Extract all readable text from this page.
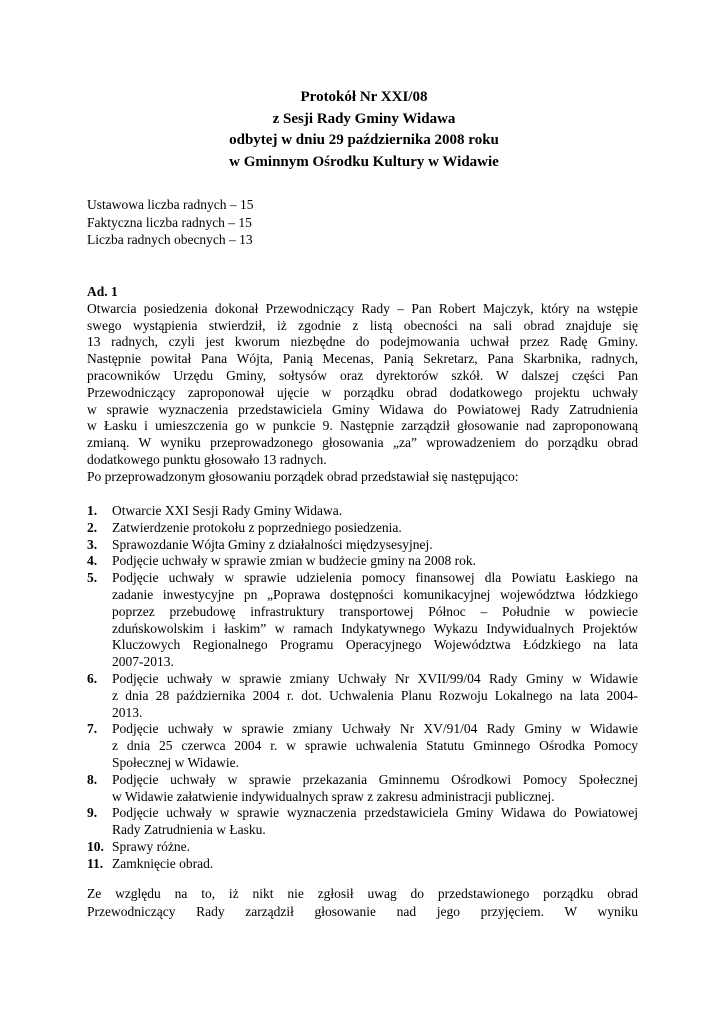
Protokół Nr XXI/08
z Sesji Rady Gminy Widawa
odbytej w dniu 29 października 2008 roku
w Gminnym Ośrodku Kultury w Widawie
Ustawowa liczba radnych – 15
Faktyczna liczba radnych – 15
Liczba radnych obecnych – 13
Ad. 1
Otwarcia posiedzenia dokonał Przewodniczący Rady – Pan Robert Majczyk, który na wstępie
swego wystąpienia stwierdził, iż zgodnie z listą obecności na sali obrad znajduje się
13 radnych, czyli jest kworum niezbędne do podejmowania uchwał przez Radę Gminy.
Następnie powitał Pana Wójta, Panią Mecenas, Panią Sekretarz, Pana Skarbnika, radnych,
pracowników Urzędu Gminy, sołtysów oraz dyrektorów szkół. W dalszej części Pan
Przewodniczący zaproponował ujęcie w porządku obrad dodatkowego projektu uchwały
w sprawie wyznaczenia przedstawiciela Gminy Widawa do Powiatowej Rady Zatrudnienia
w Łasku i umieszczenia go w punkcie 9. Następnie zarządził głosowanie nad zaproponowaną
zmianą. W wyniku przeprowadzonego głosowania „za” wprowadzeniem do porządku obrad
dodatkowego punktu głosowało 13 radnych.
Po przeprowadzonym głosowaniu porządek obrad przedstawiał się następująco:
1. Otwarcie XXI Sesji Rady Gminy Widawa.
2. Zatwierdzenie protokołu z poprzedniego posiedzenia.
3. Sprawozdanie Wójta Gminy z działalności międzysesyjnej.
4. Podjęcie uchwały w sprawie zmian w budżecie gminy na 2008 rok.
5. Podjęcie uchwały w sprawie udzielenia pomocy finansowej dla Powiatu Łaskiego na
zadanie inwestycyjne pn „Poprawa dostępności komunikacyjnej województwa łódzkiego
poprzez przebudowę infrastruktury transportowej Północ – Południe w powiecie
zduńskowolskim i łaskim” w ramach Indykatywnego Wykazu Indywidualnych Projektów
Kluczowych Regionalnego Programu Operacyjnego Województwa Łódzkiego na lata
2007-2013.
6. Podjęcie uchwały w sprawie zmiany Uchwały Nr XVII/99/04 Rady Gminy w Widawie
z dnia 28 października 2004 r. dot. Uchwalenia Planu Rozwoju Lokalnego na lata 2004-
2013.
7. Podjęcie uchwały w sprawie zmiany Uchwały Nr XV/91/04 Rady Gminy w Widawie
z dnia 25 czerwca 2004 r. w sprawie uchwalenia Statutu Gminnego Ośrodka Pomocy
Społecznej w Widawie.
8. Podjęcie uchwały w sprawie przekazania Gminnemu Ośrodkowi Pomocy Społecznej
w Widawie załatwienie indywidualnych spraw z zakresu administracji publicznej.
9. Podjęcie uchwały w sprawie wyznaczenia przedstawiciela Gminy Widawa do Powiatowej
Rady Zatrudnienia w Łasku.
10. Sprawy różne.
11. Zamknięcie obrad.
Ze względu na to, iż nikt nie zgłosił uwag do przedstawionego porządku obrad
Przewodniczący Rady zarządził głosowanie nad jego przyjęciem. W wyniku
